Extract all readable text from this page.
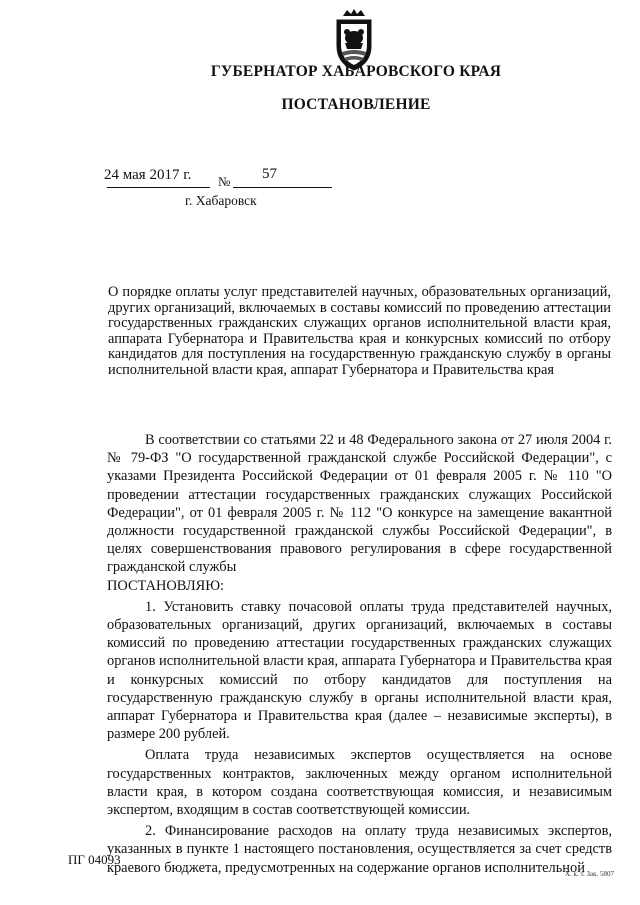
ГУБЕРНАТОР ХАБАРОВСКОГО КРАЯ
ПОСТАНОВЛЕНИЕ
24 мая 2017 г. № 57
г. Хабаровск
О порядке оплаты услуг представителей научных, образовательных организаций, других организаций, включаемых в составы комиссий по проведению аттестации государственных гражданских служащих органов исполнительной власти края, аппарата Губернатора и Правительства края и конкурсных комиссий по отбору кандидатов для поступления на государственную гражданскую службу в органы исполнительной власти края, аппарат Губернатора и Правительства края

В соответствии со статьями 22 и 48 Федерального закона от 27 июля 2004 г. № 79-ФЗ "О государственной гражданской службе Российской Федерации", с указами Президента Российской Федерации от 01 февраля 2005 г. № 110 "О проведении аттестации государственных гражданских служащих Российской Федерации", от 01 февраля 2005 г. № 112 "О конкурсе на замещение вакантной должности государственной гражданской службы Российской Федерации", в целях совершенствования правового регулирования в сфере государственной гражданской службы

ПОСТАНОВЛЯЮ:

1. Установить ставку почасовой оплаты труда представителей научных, образовательных организаций, других организаций, включаемых в составы комиссий по проведению аттестации государственных гражданских служащих органов исполнительной власти края, аппарата Губернатора и Правительства края и конкурсных комиссий по отбору кандидатов для поступления на государственную гражданскую службу в органы исполнительной власти края, аппарат Губернатора и Правительства края (далее – независимые эксперты), в размере 200 рублей.

Оплата труда независимых экспертов осуществляется на основе государственных контрактов, заключенных между органом исполнительной власти края, в котором создана соответствующая комиссия, и независимым экспертом, входящим в состав соответствующей комиссии.

2. Финансирование расходов на оплату труда независимых экспертов, указанных в пункте 1 настоящего постановления, осуществляется за счет средств краевого бюджета, предусмотренных на содержание органов исполнительной

ПГ 04093
Х. к. т. Зак. 5807
